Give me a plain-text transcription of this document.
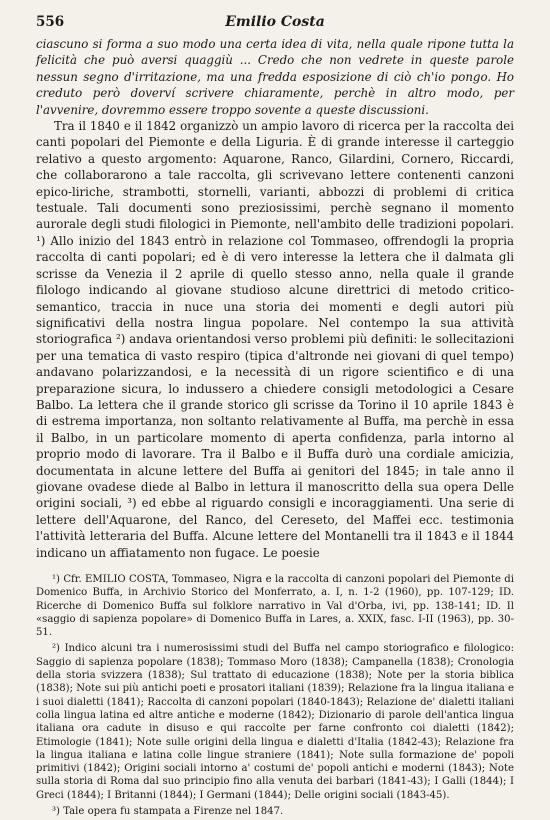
556	Emilio Costa

ciascuno si forma a suo modo una certa idea di vita, nella quale ripone tutta la felicità che può aversi quaggiù ... Credo che non vedrete in queste parole nessun segno d'irritazione, ma una fredda esposizione di ciò ch'io pongo. Ho creduto però doverví scrivere chiaramente, perchè in altro modo, per l'avvenire, dovremmo essere troppo sovente a queste discussioni.

Tra il 1840 e il 1842 organizzò un ampio lavoro di ricerca per la raccolta dei canti popolari del Piemonte e della Liguria. È di grande interesse il carteggio relativo a questo argomento: Aquarone, Ranco, Gilardini, Cornero, Riccardi, che collaborarono a tale raccolta, gli scrivevano lettere contenenti canzoni epico-liriche, strambotti, stornelli, varianti, abbozzi di problemi di critica testuale. Tali documenti sono preziosissimi, perchè segnano il momento aurorale degli studi filologici in Piemonte, nell'ambito delle tradizioni popolari. ¹) Allo inizio del 1843 entrò in relazione col Tommaseo, offrendogli la propria raccolta di canti popolari; ed è di vero interesse la lettera che il dalmata gli scrisse da Venezia il 2 aprile di quello stesso anno, nella quale il grande filologo indicando al giovane studioso alcune direttrici di metodo critico-semantico, traccia in nuce una storia dei momenti e degli autori più significativi della nostra lingua popolare. Nel contempo la sua attività storiografica ²) andava orientandosi verso problemi più definiti: le sollecitazioni per una tematica di vasto respiro (tipica d'altronde nei giovani di quel tempo) andavano polarizzandosi, e la necessità di un rigore scientifico e di una preparazione sicura, lo indussero a chiedere consigli metodologici a Cesare Balbo. La lettera che il grande storico gli scrisse da Torino il 10 aprile 1843 è di estrema importanza, non soltanto relativamente al Buffa, ma perchè in essa il Balbo, in un particolare momento di aperta confidenza, parla intorno al proprio modo di lavorare. Tra il Balbo e il Buffa durò una cordiale amicizia, documentata in alcune lettere del Buffa ai genitori del 1845; in tale anno il giovane ovadese diede al Balbo in lettura il manoscritto della sua opera Delle origini sociali, ³) ed ebbe al riguardo consigli e incoraggiamenti. Una serie di lettere dell'Aquarone, del Ranco, del Cereseto, del Maffei ecc. testimonia l'attività letteraria del Buffa. Alcune lettere del Montanelli tra il 1843 e il 1844 indicano un affiatamento non fugace. Le poesie

¹) Cfr. EMILIO COSTA, Tommaseo, Nigra e la raccolta di canzoni popolari del Piemonte di Domenico Buffa, in Archivio Storico del Monferrato, a. I, n. 1-2 (1960), pp. 107-129; ID. Ricerche di Domenico Buffa sul folklore narrativo in Val d'Orba, ivi, pp. 138-141; ID. Il «saggio di sapienza popolare» di Domenico Buffa in Lares, a. XXIX, fasc. I-II (1963), pp. 30-51.

²) Indico alcuni tra i numerosissimi studi del Buffa nel campo storiografico e filologico: Saggio di sapienza popolare (1838); Tommaso Moro (1838); Campanella (1838); Cronologia della storia svizzera (1838); Sul trattato di educazione (1838); Note per la storia biblica (1838); Note sui più antichi poeti e prosatori italiani (1839); Relazione fra la lingua italiana e i suoi dialetti (1841); Raccolta di canzoni popolari (1840-1843); Relazione de' dialetti italiani colla lingua latina ed altre antiche e moderne (1842); Dizionario di parole dell'antica lingua italiana ora cadute in disuso e qui raccolte per farne confronto coi dialetti (1842); Etimologie (1841); Note sulle origini della lingua e dialetti d'Italia (1842-43); Relazione fra la lingua italiana e latina colle lingue straniere (1841); Note sulla formazione de' popoli primitivi (1842); Origini sociali intorno a' costumi de' popoli antichi e moderni (1843); Note sulla storia di Roma dal suo principio fino alla venuta dei barbari (1841-43); I Galli (1844); I Greci (1844); I Britanni (1844); I Germani (1844); Delle origini sociali (1843-45).

³) Tale opera fu stampata a Firenze nel 1847.
